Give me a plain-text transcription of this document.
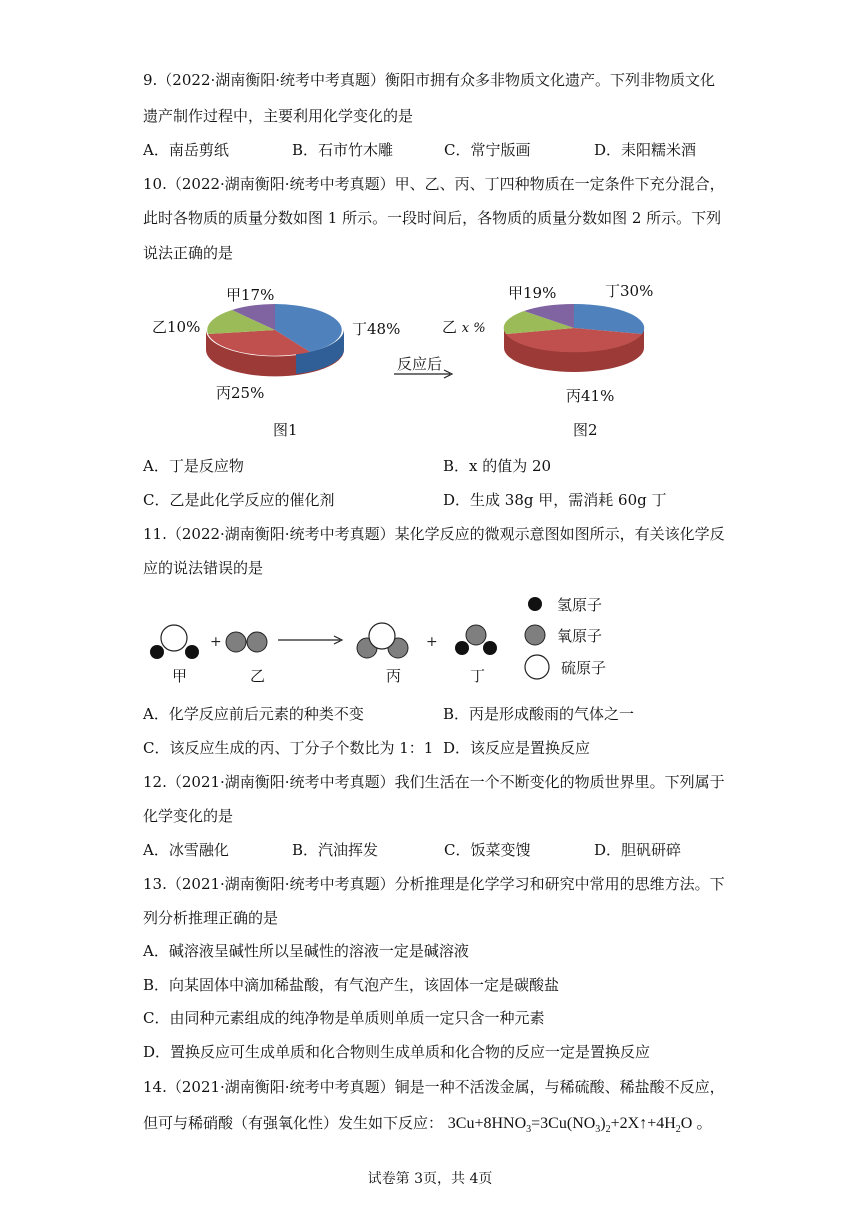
9.（2022·湖南衡阳·统考中考真题）衡阳市拥有众多非物质文化遗产。下列非物质文化
遗产制作过程中，主要利用化学变化的是
A．南岳剪纸	B．石市竹木雕	C．常宁版画	D．耒阳糯米酒
10.（2022·湖南衡阳·统考中考真题）甲、乙、丙、丁四种物质在一定条件下充分混合，
此时各物质的质量分数如图 1 所示。一段时间后，各物质的质量分数如图 2 所示。下列
说法正确的是
甲17%
乙10%	丁48%
丙25%
图1
反应后
甲19%	丁30%
乙 x %
丙41%
图2
A．丁是反应物	B．x 的值为 20
C．乙是此化学反应的催化剂	D．生成 38g 甲，需消耗 60g 丁
11.（2022·湖南衡阳·统考中考真题）某化学反应的微观示意图如图所示，有关该化学反
应的说法错误的是
+	+
甲	乙	丙	丁
氢原子
氧原子
硫原子
A．化学反应前后元素的种类不变	B．丙是形成酸雨的气体之一
C．该反应生成的丙、丁分子个数比为 1：1 D．该反应是置换反应
12.（2021·湖南衡阳·统考中考真题）我们生活在一个不断变化的物质世界里。下列属于
化学变化的是
A．冰雪融化	B．汽油挥发	C．饭菜变馊	D．胆矾研碎
13.（2021·湖南衡阳·统考中考真题）分析推理是化学学习和研究中常用的思维方法。下
列分析推理正确的是
A．碱溶液呈碱性所以呈碱性的溶液一定是碱溶液
B．向某固体中滴加稀盐酸，有气泡产生，该固体一定是碳酸盐
C．由同种元素组成的纯净物是单质则单质一定只含一种元素
D．置换反应可生成单质和化合物则生成单质和化合物的反应一定是置换反应
14.（2021·湖南衡阳·统考中考真题）铜是一种不活泼金属，与稀硫酸、稀盐酸不反应，
但可与稀硝酸（有强氧化性）发生如下反应： $3Cu+8HNO_3=3Cu(NO_3)_2+2X↑+4H_2O$ 。
试卷第 3页，共 4页
